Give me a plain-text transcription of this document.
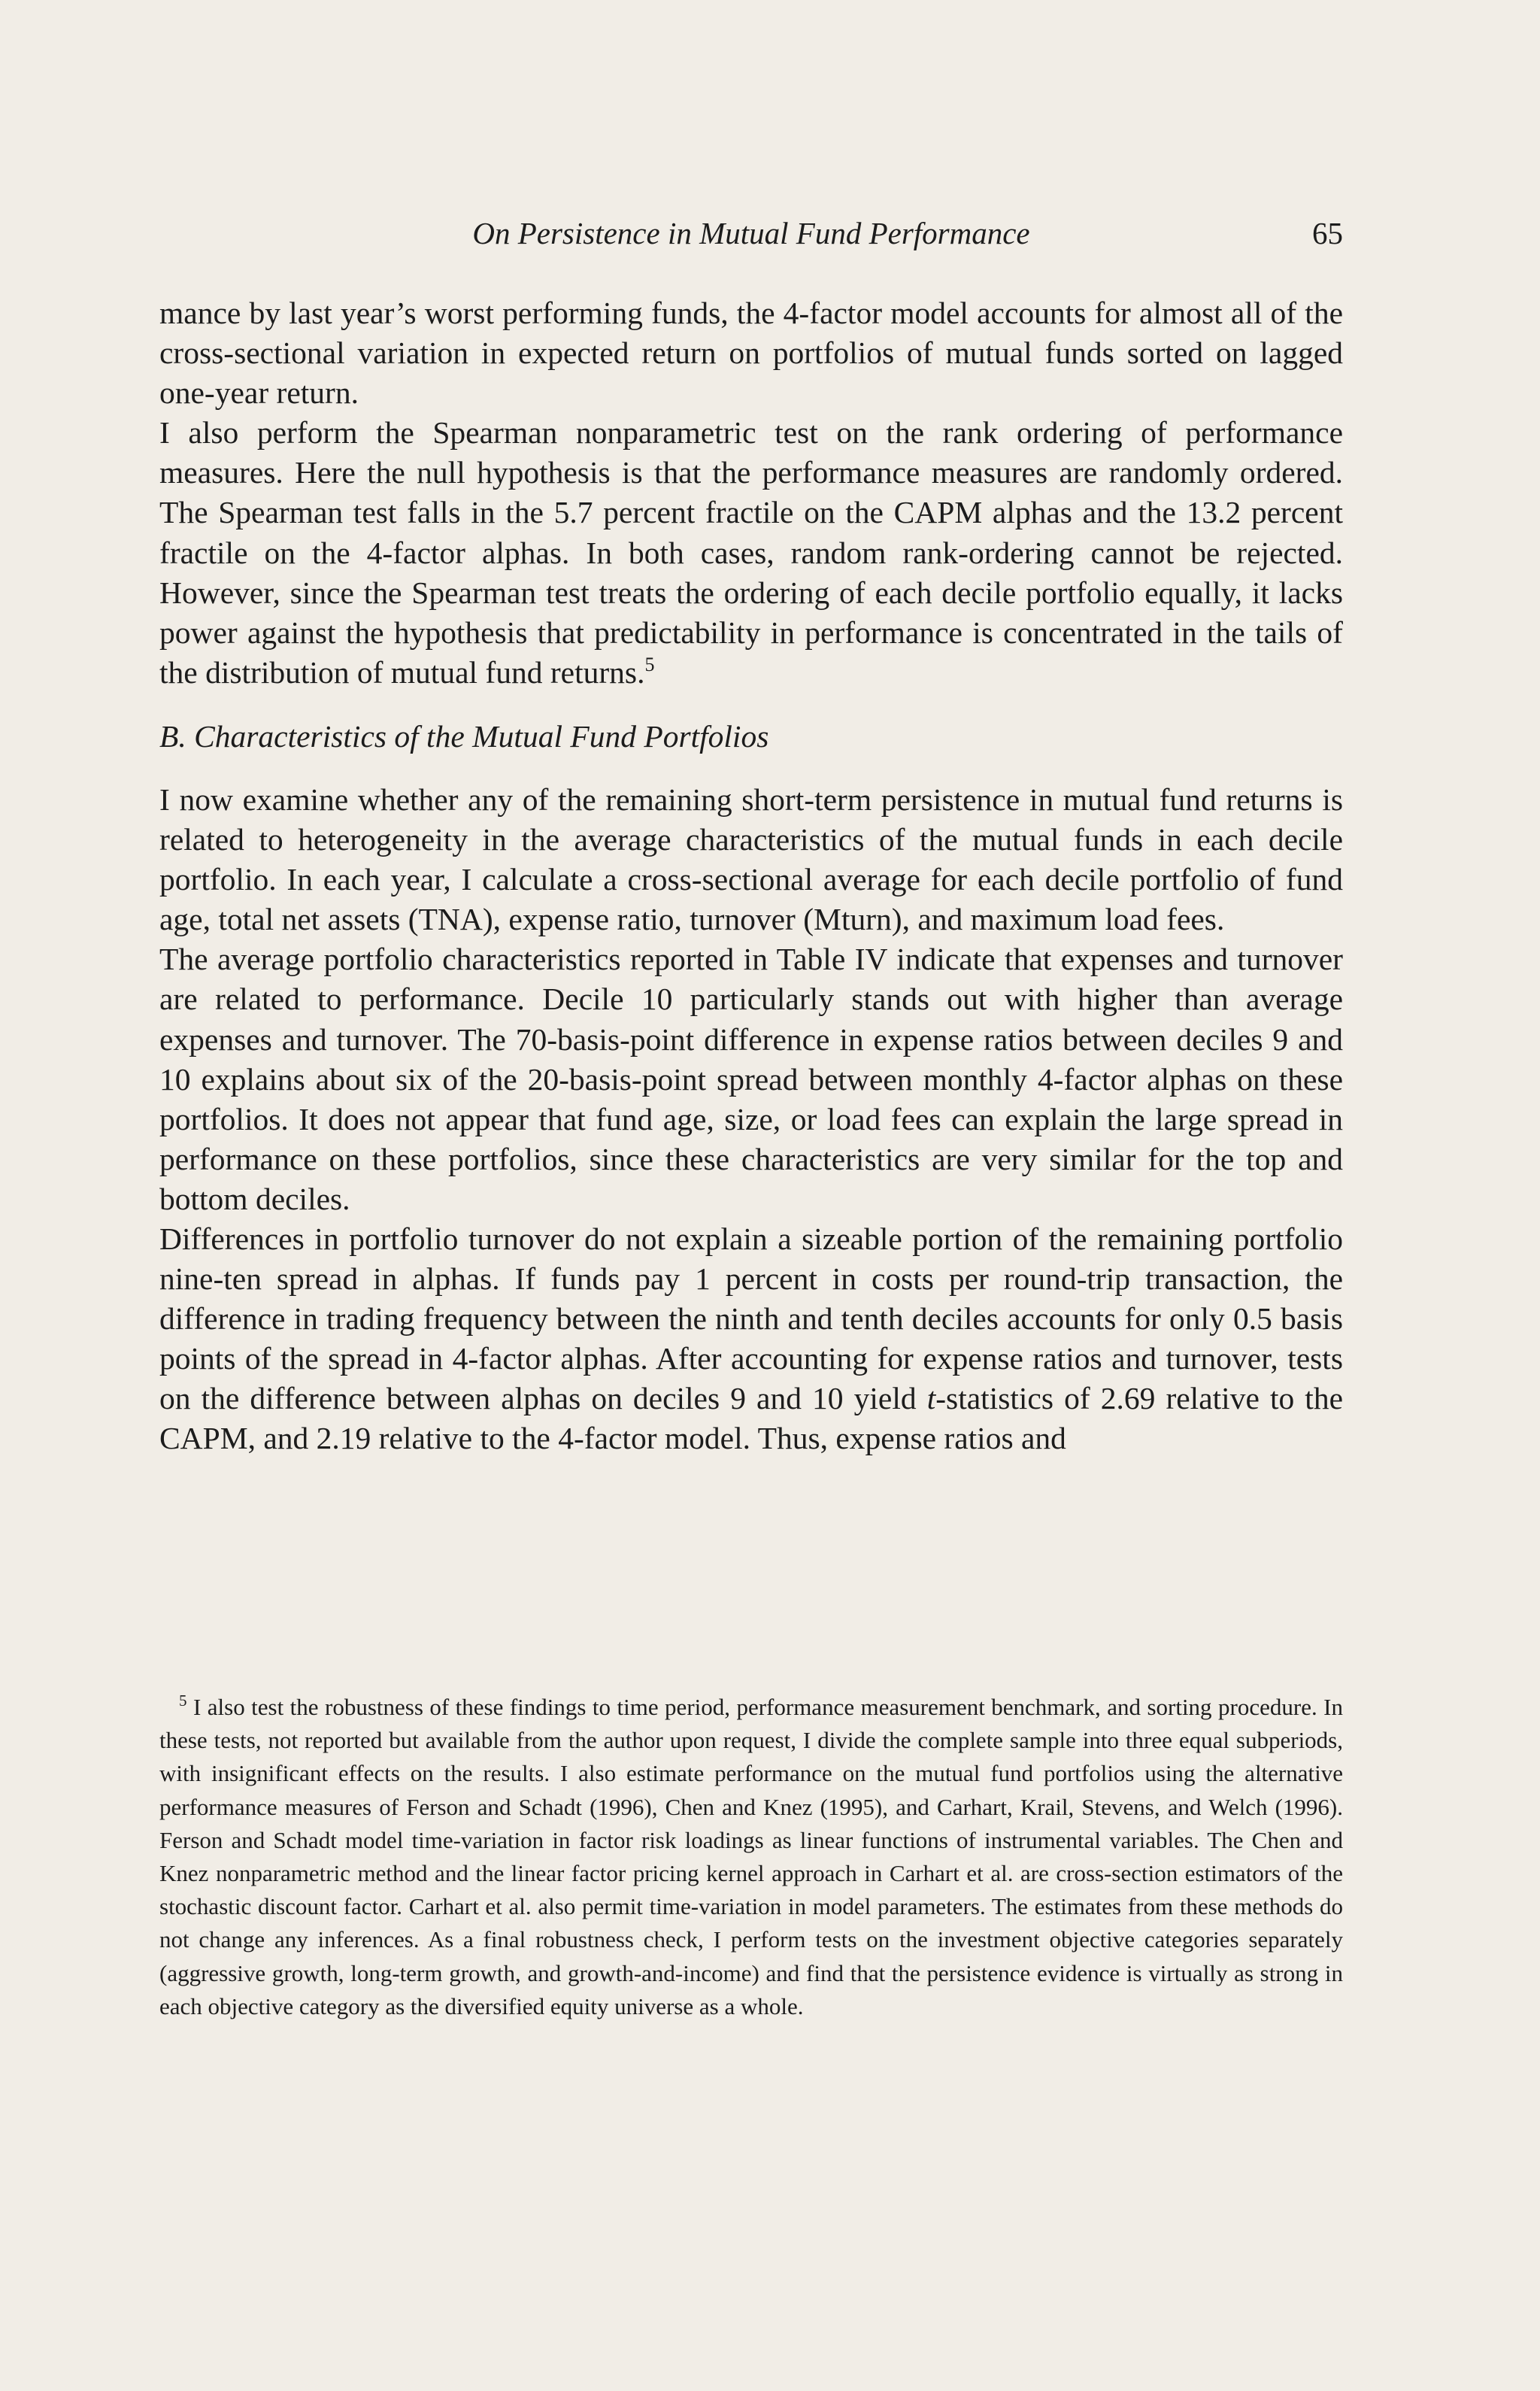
On Persistence in Mutual Fund Performance	65

mance by last year’s worst performing funds, the 4-factor model accounts for almost all of the cross-sectional variation in expected return on portfolios of mutual funds sorted on lagged one-year return.

I also perform the Spearman nonparametric test on the rank ordering of performance measures. Here the null hypothesis is that the performance measures are randomly ordered. The Spearman test falls in the 5.7 percent fractile on the CAPM alphas and the 13.2 percent fractile on the 4-factor alphas. In both cases, random rank-ordering cannot be rejected. However, since the Spearman test treats the ordering of each decile portfolio equally, it lacks power against the hypothesis that predictability in performance is concentrated in the tails of the distribution of mutual fund returns.$^5$

B. Characteristics of the Mutual Fund Portfolios

I now examine whether any of the remaining short-term persistence in mutual fund returns is related to heterogeneity in the average characteristics of the mutual funds in each decile portfolio. In each year, I calculate a cross-sectional average for each decile portfolio of fund age, total net assets (TNA), expense ratio, turnover (Mturn), and maximum load fees.

The average portfolio characteristics reported in Table IV indicate that expenses and turnover are related to performance. Decile 10 particularly stands out with higher than average expenses and turnover. The 70-basis-point difference in expense ratios between deciles 9 and 10 explains about six of the 20-basis-point spread between monthly 4-factor alphas on these portfolios. It does not appear that fund age, size, or load fees can explain the large spread in performance on these portfolios, since these characteristics are very similar for the top and bottom deciles.

Differences in portfolio turnover do not explain a sizeable portion of the remaining portfolio nine-ten spread in alphas. If funds pay 1 percent in costs per round-trip transaction, the difference in trading frequency between the ninth and tenth deciles accounts for only 0.5 basis points of the spread in 4-factor alphas. After accounting for expense ratios and turnover, tests on the difference between alphas on deciles 9 and 10 yield t-statistics of 2.69 relative to the CAPM, and 2.19 relative to the 4-factor model. Thus, expense ratios and

$^5$ I also test the robustness of these findings to time period, performance measurement benchmark, and sorting procedure. In these tests, not reported but available from the author upon request, I divide the complete sample into three equal subperiods, with insignificant effects on the results. I also estimate performance on the mutual fund portfolios using the alternative performance measures of Ferson and Schadt (1996), Chen and Knez (1995), and Carhart, Krail, Stevens, and Welch (1996). Ferson and Schadt model time-variation in factor risk loadings as linear functions of instrumental variables. The Chen and Knez nonparametric method and the linear factor pricing kernel approach in Carhart et al. are cross-section estimators of the stochastic discount factor. Carhart et al. also permit time-variation in model parameters. The estimates from these methods do not change any inferences. As a final robustness check, I perform tests on the investment objective categories separately (aggressive growth, long-term growth, and growth-and-income) and find that the persistence evidence is virtually as strong in each objective category as the diversified equity universe as a whole.
